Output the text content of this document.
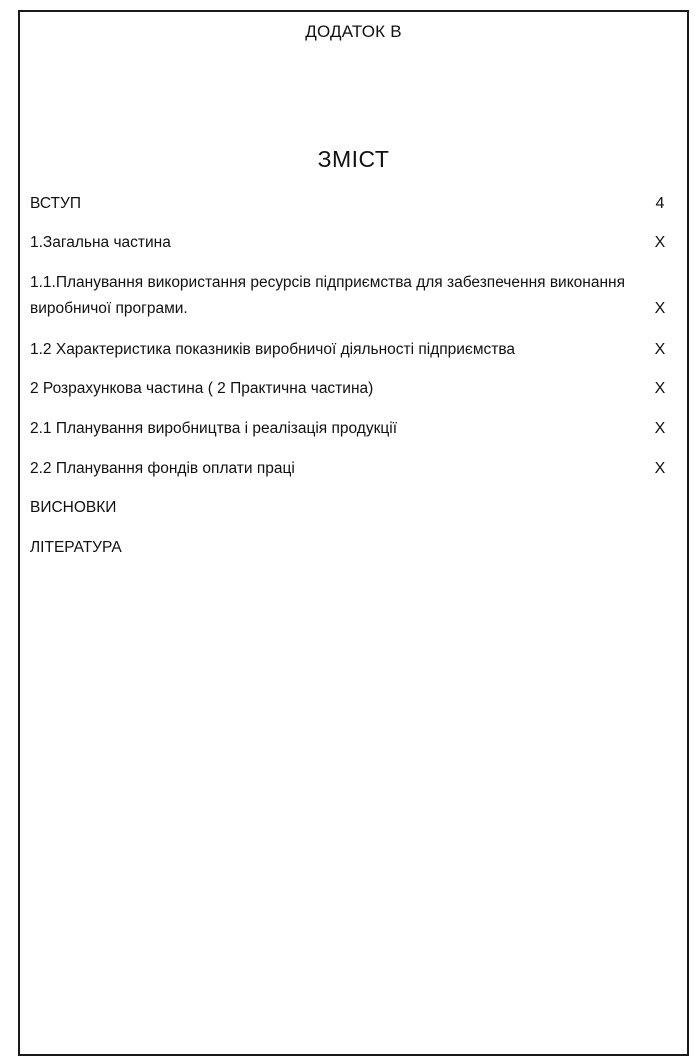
ДОДАТОК В
ЗМІСТ
ВСТУП	4
1.Загальна частина	Х
1.1.Планування використання ресурсів підприємства для забезпечення виконання виробничої програми.	Х
1.2 Характеристика показників виробничої діяльності підприємства	Х
2 Розрахункова частина ( 2 Практична частина)	Х
2.1 Планування виробництва і реалізація продукції	Х
2.2 Планування фондів оплати праці	Х
ВИСНОВКИ
ЛІТЕРАТУРА
